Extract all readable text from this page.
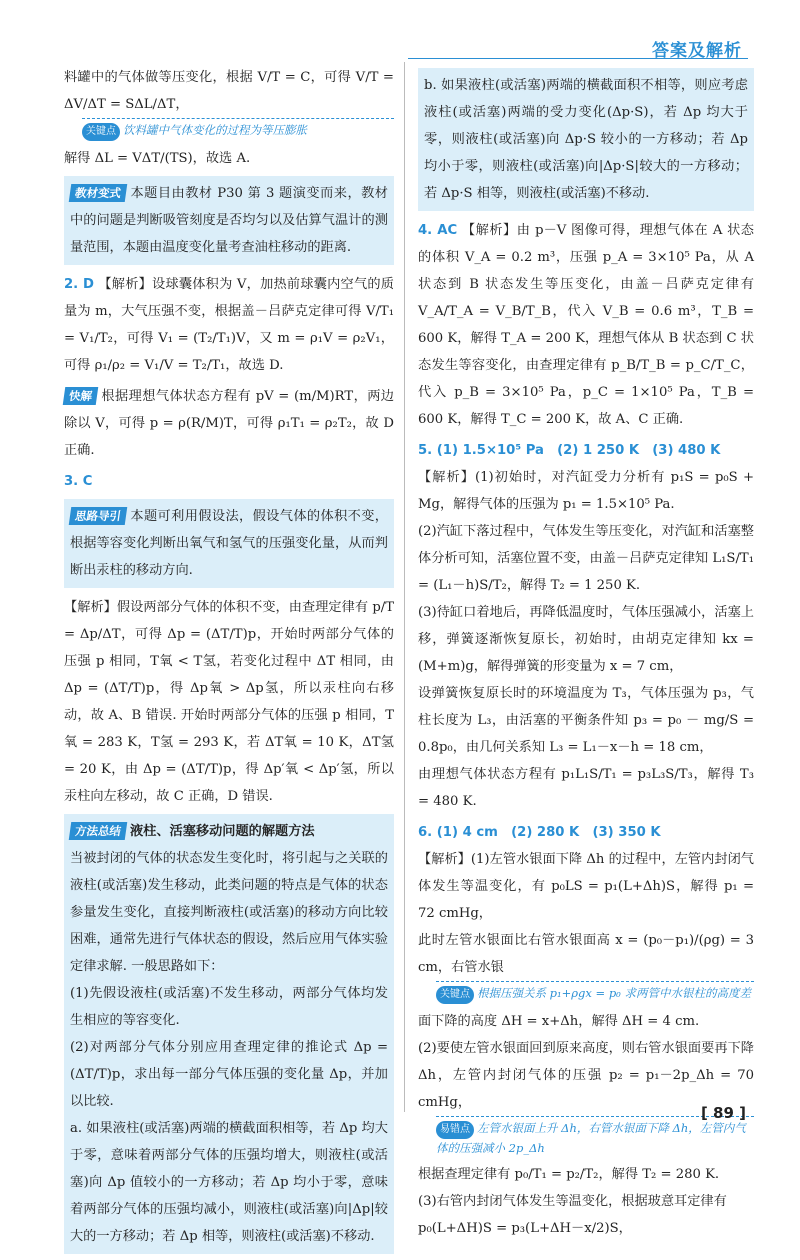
答案及解析

料罐中的气体做等压变化，根据 V/T = C，可得 V/T = ΔV/ΔT = SΔL/ΔT，

关键点 饮料罐中气体变化的过程为等压膨胀

解得 ΔL = VΔT/(TS)，故选 A.

教材变式 本题目由教材 P30 第 3 题演变而来，教材中的问题是判断吸管刻度是否均匀以及估算气温计的测量范围，本题由温度变化量考查油柱移动的距离.

2. D 【解析】设球囊体积为 V，加热前球囊内空气的质量为 m，大气压强不变，根据盖－吕萨克定律可得 V/T₁ = V₁/T₂，可得 V₁ = (T₂/T₁)V，又 m = ρ₁V = ρ₂V₁，可得 ρ₁/ρ₂ = V₁/V = T₂/T₁，故选 D.

快解 根据理想气体状态方程有 pV = (m/M)RT，两边除以 V，可得 p = ρ(R/M)T，可得 ρ₁T₁ = ρ₂T₂，故 D 正确.

3. C

思路导引 本题可利用假设法，假设气体的体积不变，根据等容变化判断出氧气和氢气的压强变化量，从而判断出汞柱的移动方向.

【解析】假设两部分气体的体积不变，由查理定律有 p/T = Δp/ΔT，可得 Δp = (ΔT/T)p，开始时两部分气体的压强 p 相同，T氧 < T氢，若变化过程中 ΔT 相同，由 Δp = (ΔT/T)p，得 Δp氧 > Δp氢，所以汞柱向右移动，故 A、B 错误. 开始时两部分气体的压强 p 相同，T氧 = 283 K，T氢 = 293 K，若 ΔT氧 = 10 K，ΔT氢 = 20 K，由 Δp = (ΔT/T)p，得 Δp′氧 < Δp′氢，所以汞柱向左移动，故 C 正确，D 错误.

方法总结 液柱、活塞移动问题的解题方法

当被封闭的气体的状态发生变化时，将引起与之关联的液柱(或活塞)发生移动，此类问题的特点是气体的状态参量发生变化，直接判断液柱(或活塞)的移动方向比较困难，通常先进行气体状态的假设，然后应用气体实验定律求解. 一般思路如下：

(1)先假设液柱(或活塞)不发生移动，两部分气体均发生相应的等容变化.

(2)对两部分气体分别应用查理定律的推论式 Δp = (ΔT/T)p，求出每一部分气体压强的变化量 Δp，并加以比较.

a. 如果液柱(或活塞)两端的横截面积相等，若 Δp 均大于零，意味着两部分气体的压强均增大，则液柱(或活塞)向 Δp 值较小的一方移动；若 Δp 均小于零，意味着两部分气体的压强均减小，则液柱(或活塞)向|Δp|较大的一方移动；若 Δp 相等，则液柱(或活塞)不移动.

b. 如果液柱(或活塞)两端的横截面积不相等，则应考虑液柱(或活塞)两端的受力变化(Δp·S)，若 Δp 均大于零，则液柱(或活塞)向 Δp·S 较小的一方移动；若 Δp 均小于零，则液柱(或活塞)向|Δp·S|较大的一方移动；若 Δp·S 相等，则液柱(或活塞)不移动.

4. AC 【解析】由 p－V 图像可得，理想气体在 A 状态的体积 V_A = 0.2 m³，压强 p_A = 3×10⁵ Pa，从 A 状态到 B 状态发生等压变化，由盖－吕萨克定律有 V_A/T_A = V_B/T_B，代入 V_B = 0.6 m³，T_B = 600 K，解得 T_A = 200 K，理想气体从 B 状态到 C 状态发生等容变化，由查理定律有 p_B/T_B = p_C/T_C，代入 p_B = 3×10⁵ Pa，p_C = 1×10⁵ Pa，T_B = 600 K，解得 T_C = 200 K，故 A、C 正确.

5. (1) 1.5×10⁵ Pa　(2) 1 250 K　(3) 480 K

【解析】(1)初始时，对汽缸受力分析有 p₁S = p₀S + Mg，解得气体的压强为 p₁ = 1.5×10⁵ Pa.

(2)汽缸下落过程中，气体发生等压变化，对汽缸和活塞整体分析可知，活塞位置不变，由盖－吕萨克定律知 L₁S/T₁ = (L₁－h)S/T₂，解得 T₂ = 1 250 K.

(3)待缸口着地后，再降低温度时，气体压强减小，活塞上移，弹簧逐渐恢复原长，初始时，由胡克定律知 kx = (M+m)g，解得弹簧的形变量为 x = 7 cm，

设弹簧恢复原长时的环境温度为 T₃，气体压强为 p₃，气柱长度为 L₃，由活塞的平衡条件知 p₃ = p₀ － mg/S = 0.8p₀，由几何关系知 L₃ = L₁－x－h = 18 cm，

由理想气体状态方程有 p₁L₁S/T₁ = p₃L₃S/T₃，解得 T₃ = 480 K.

6. (1) 4 cm　(2) 280 K　(3) 350 K

【解析】(1)左管水银面下降 Δh 的过程中，左管内封闭气体发生等温变化，有 p₀LS = p₁(L+Δh)S，解得 p₁ = 72 cmHg，

此时左管水银面比右管水银面高 x = (p₀－p₁)/(ρg) = 3 cm，右管水银

关键点 根据压强关系 p₁+ρgx = p₀ 求两管中水银柱的高度差

面下降的高度 ΔH = x+Δh，解得 ΔH = 4 cm.

(2)要使左管水银面回到原来高度，则右管水银面要再下降 Δh，左管内封闭气体的压强 p₂ = p₁－2p_Δh = 70 cmHg，

易错点 左管水银面上升 Δh，右管水银面下降 Δh，左管内气体的压强减小 2p_Δh

根据查理定律有 p₀/T₁ = p₂/T₂，解得 T₂ = 280 K.

(3)右管内封闭气体发生等温变化，根据玻意耳定律有

p₀(L+ΔH)S = p₃(L+ΔH－x/2)S，

[ 89 ]
